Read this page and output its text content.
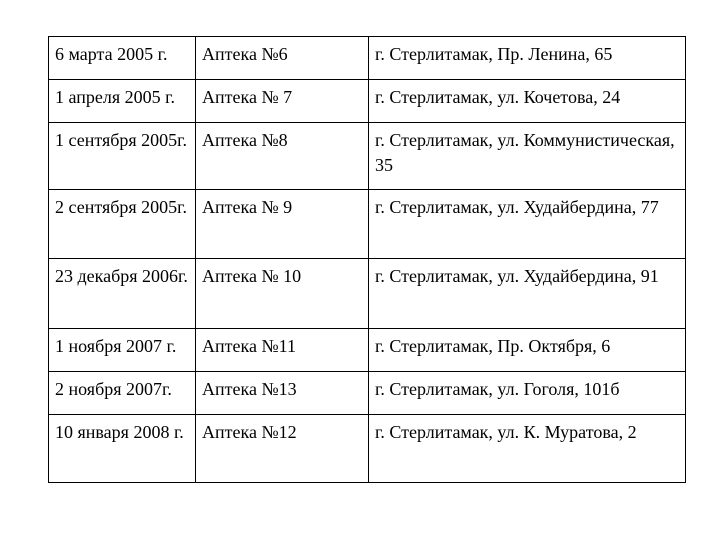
6 марта 2005 г.	Аптека №6	г. Стерлитамак, Пр. Ленина, 65
1 апреля 2005 г.	Аптека № 7	г. Стерлитамак, ул. Кочетова, 24
1 сентября 2005г.	Аптека №8	г. Стерлитамак, ул. Коммунистическая, 35
2 сентября 2005г.	Аптека № 9	г. Стерлитамак, ул. Худайбердина, 77
23 декабря 2006г.	Аптека № 10	г. Стерлитамак, ул. Худайбердина, 91
1 ноября 2007 г.	Аптека №11	г. Стерлитамак, Пр. Октября, 6
2 ноября 2007г.	Аптека №13	г. Стерлитамак, ул. Гоголя, 101б
10 января 2008 г.	Аптека №12	г. Стерлитамак, ул. К. Муратова, 2
